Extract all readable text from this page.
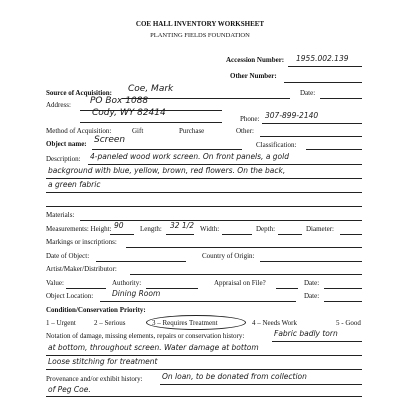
COE HALL INVENTORY WORKSHEET
PLANTING FIELDS FOUNDATION
Accession Number: 1955.002.139
Other Number:
Source of Acquisition: Coe, Mark	Date:
Address: PO Box 1088
Cody, WY 82414
Phone: 307-899-2140
Method of Acquisition:	Gift	Purchase	Other:
Object name: Screen	Classification:
Description: 4-paneled wood work screen. On front panels, a gold
background with blue, yellow, brown, red flowers. On the back,
a green fabric
Materials:
Measurements: Height: 90 Length: 32 1/2 Width:	Depth:	Diameter:
Markings or inscriptions:
Date of Object:	Country of Origin:
Artist/Maker/Distributor:
Value:	Authority:	Appraisal on File?	Date:
Object Location:	Dining Room	Date:
Condition/Conservation Priority:
1 – Urgent	2 – Serious	3 – Requires Treatment	4 – Needs Work	5 - Good
Notation of damage, missing elements, repairs or conservation history:	Fabric badly torn
at bottom, throughout screen. Water damage at bottom
Loose stitching for treatment
Provenance and/or exhibit history:	On loan, to be donated from collection
of Peg Coe.
